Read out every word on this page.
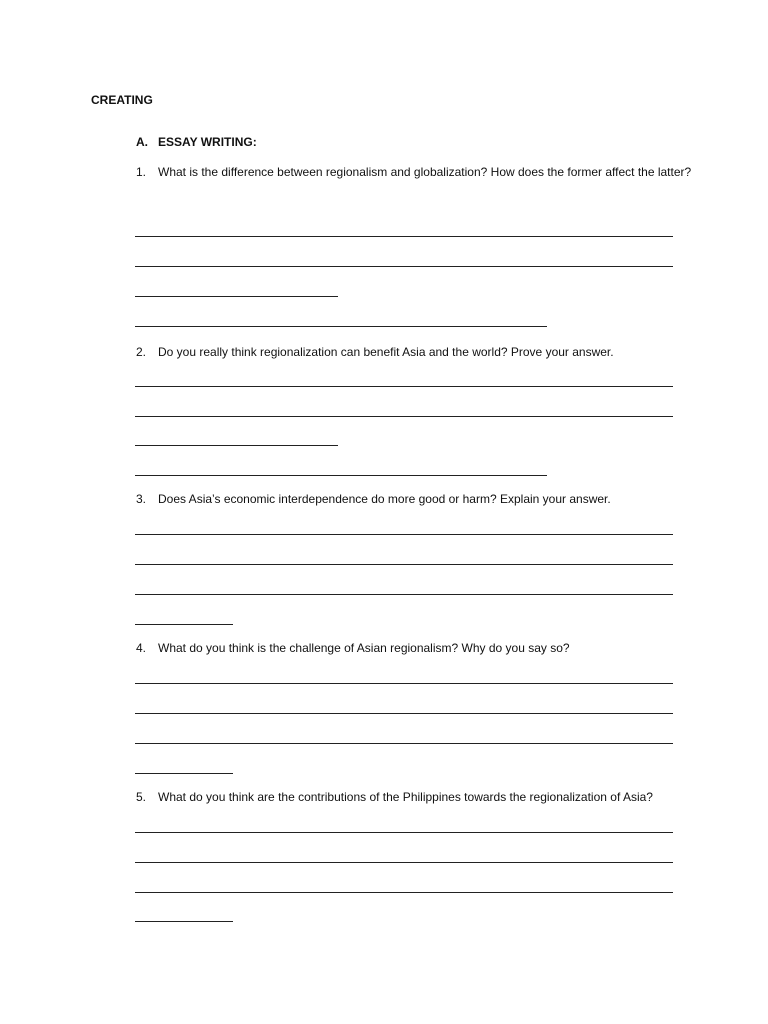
CREATING
A. ESSAY WRITING:
1. What is the difference between regionalism and globalization? How does the former affect the latter?
2. Do you really think regionalization can benefit Asia and the world? Prove your answer.
3. Does Asia’s economic interdependence do more good or harm? Explain your answer.
4. What do you think is the challenge of Asian regionalism? Why do you say so?
5. What do you think are the contributions of the Philippines towards the regionalization of Asia?
